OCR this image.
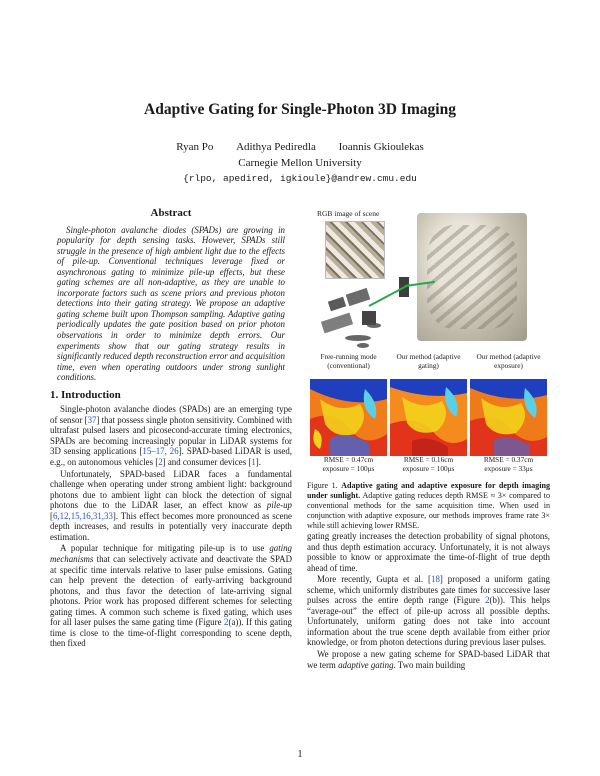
Adaptive Gating for Single-Photon 3D Imaging
Ryan Po Adithya Pediredla Ioannis Gkioulekas
Carnegie Mellon University
{rlpo, apedired, igkioule}@andrew.cmu.edu
Abstract
Single-photon avalanche diodes (SPADs) are growing in popularity for depth sensing tasks. However, SPADs still struggle in the presence of high ambient light due to the effects of pile-up. Conventional techniques leverage fixed or asynchronous gating to minimize pile-up effects, but these gating schemes are all non-adaptive, as they are unable to incorporate factors such as scene priors and previous photon detections into their gating strategy. We propose an adaptive gating scheme built upon Thompson sampling. Adaptive gating periodically updates the gate position based on prior photon observations in order to minimize depth errors. Our experiments show that our gating strategy results in significantly reduced depth reconstruction error and acquisition time, even when operating outdoors under strong sunlight conditions.
1. Introduction

Single-photon avalanche diodes (SPADs) are an emerging type of sensor [37] that possess single photon sensitivity. Combined with ultrafast pulsed lasers and picosecond-accurate timing electronics, SPADs are becoming increasingly popular in LiDAR systems for 3D sensing applications [15–17, 26]. SPAD-based LiDAR is used, e.g., on autonomous vehicles [2] and consumer devices [1].

Unfortunately, SPAD-based LiDAR faces a fundamental challenge when operating under strong ambient light: background photons due to ambient light can block the detection of signal photons due to the LiDAR laser, an effect know as pile-up [6,12,15,16,31,33]. This effect becomes more pronounced as scene depth increases, and results in potentially very inaccurate depth estimation.

A popular technique for mitigating pile-up is to use gating mechanisms that can selectively activate and deactivate the SPAD at specific time intervals relative to laser pulse emissions. Gating can help prevent the detection of early-arriving background photons, and thus favor the detection of late-arriving signal photons. Prior work has proposed different schemes for selecting gating times. A common such scheme is fixed gating, which uses for all laser pulses the same gating time (Figure 2(a)). If this gating time is close to the time-of-flight corresponding to scene depth, then fixed

RGB image of scene
Free-running mode (conventional)
Our method (adaptive gating)
Our method (adaptive exposure)
RMSE = 0.47cm
exposure = 100μs
RMSE = 0.16cm
exposure = 100μs
RMSE = 0.37cm
exposure = 33μs
Figure 1. Adaptive gating and adaptive exposure for depth imaging under sunlight. Adaptive gating reduces depth RMSE ≈ 3× compared to conventional methods for the same acquisition time. When used in conjunction with adaptive exposure, our methods improves frame rate 3× while still achieving lower RMSE.

gating greatly increases the detection probability of signal photons, and thus depth estimation accuracy. Unfortunately, it is not always possible to know or approximate the time-of-flight of true depth ahead of time.

More recently, Gupta et al. [18] proposed a uniform gating scheme, which uniformly distributes gate times for successive laser pulses across the entire depth range (Figure 2(b)). This helps “average-out” the effect of pile-up across all possible depths. Unfortunately, uniform gating does not take into account information about the true scene depth available from either prior knowledge, or from photon detections during previous laser pulses.

We propose a new gating scheme for SPAD-based LiDAR that we term adaptive gating. Two main building

1
